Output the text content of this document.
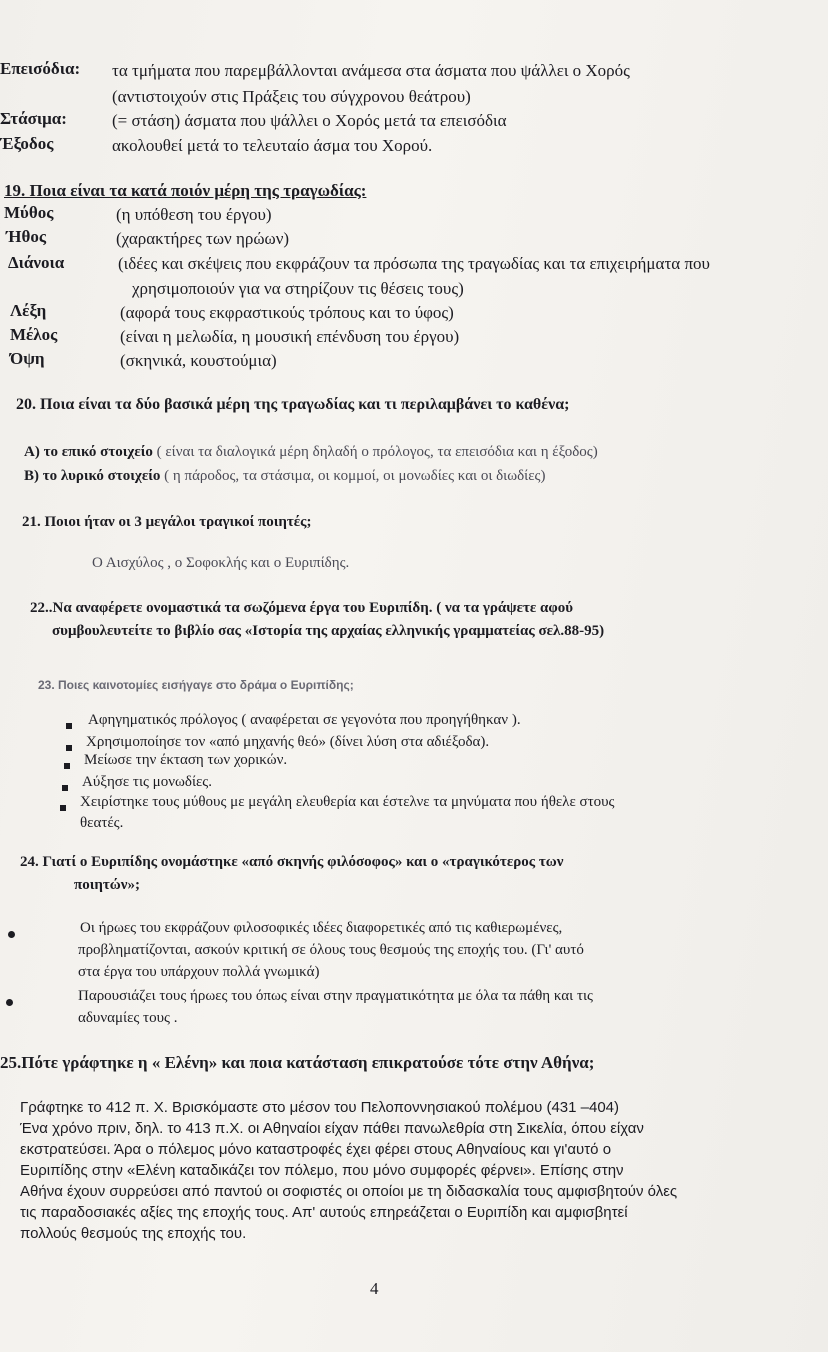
Επεισόδια: τα τμήματα που παρεμβάλλονται ανάμεσα στα άσματα που ψάλλει ο Χορός
(αντιστοιχούν στις Πράξεις του σύγχρονου θεάτρου)
Στάσιμα:	(= στάση) άσματα που ψάλλει ο Χορός μετά τα επεισόδια
Έξοδος	ακολουθεί μετά το τελευταίο άσμα του Χορού.
19. Ποια είναι τα κατά ποιόν μέρη της τραγωδίας:
Μύθος	(η υπόθεση του έργου)
Ήθος	(χαρακτήρες των ηρώων)
Διάνοια	(ιδέες και σκέψεις που εκφράζουν τα πρόσωπα της τραγωδίας και τα επιχειρήματα που
χρησιμοποιούν για να στηρίζουν τις θέσεις τους)
Λέξη	(αφορά τους εκφραστικούς τρόπους και το ύφος)
Μέλος	(είναι η μελωδία, η μουσική επένδυση του έργου)
Όψη	(σκηνικά, κουστούμια)
20. Ποια είναι τα δύο βασικά μέρη της τραγωδίας και τι περιλαμβάνει το καθένα;
Α) το επικό στοιχείο ( είναι τα διαλογικά μέρη δηλαδή ο πρόλογος, τα επεισόδια και η έξοδος)
Β) το λυρικό στοιχείο ( η πάροδος, τα στάσιμα, οι κομμοί, οι μονωδίες και οι διωδίες)
21. Ποιοι ήταν οι 3 μεγάλοι τραγικοί ποιητές;
Ο Αισχύλος , ο Σοφοκλής και ο Ευριπίδης.
22..Να αναφέρετε ονομαστικά τα σωζόμενα έργα του Ευριπίδη. ( να τα γράψετε αφού
συμβουλευτείτε το βιβλίο σας «Ιστορία της αρχαίας ελληνικής γραμματείας σελ.88-95)
23. Ποιες καινοτομίες εισήγαγε στο δράμα ο Ευριπίδης;
Αφηγηματικός πρόλογος ( αναφέρεται σε γεγονότα που προηγήθηκαν ).
Χρησιμοποίησε τον «από μηχανής θεό» (δίνει λύση στα αδιέξοδα).
Μείωσε την έκταση των χορικών.
Αύξησε τις μονωδίες.
Χειρίστηκε τους μύθους με μεγάλη ελευθερία και έστελνε τα μηνύματα που ήθελε στους
θεατές.
24. Γιατί ο Ευριπίδης ονομάστηκε «από σκηνής φιλόσοφος» και ο «τραγικότερος των
ποιητών»;
Οι ήρωες του εκφράζουν φιλοσοφικές ιδέες διαφορετικές από τις καθιερωμένες,
προβληματίζονται, ασκούν κριτική σε όλους τους θεσμούς της εποχής του. (Γι' αυτό
στα έργα του υπάρχουν πολλά γνωμικά)
Παρουσιάζει τους ήρωες του όπως είναι στην πραγματικότητα με όλα τα πάθη και τις
αδυναμίες τους .
25.Πότε γράφτηκε η « Ελένη» και ποια κατάσταση επικρατούσε τότε στην Αθήνα;
Γράφτηκε το 412 π. Χ. Βρισκόμαστε στο μέσον του Πελοποννησιακού πολέμου (431 –404)
Ένα χρόνο πριν, δηλ. το 413 π.Χ. οι Αθηναίοι είχαν πάθει πανωλεθρία στη Σικελία, όπου είχαν
εκστρατεύσει. Άρα ο πόλεμος μόνο καταστροφές έχει φέρει στους Αθηναίους και γι'αυτό ο
Ευριπίδης στην «Ελένη καταδικάζει τον πόλεμο, που μόνο συμφορές φέρνει». Επίσης στην
Αθήνα έχουν συρρεύσει από παντού οι σοφιστές οι οποίοι με τη διδασκαλία τους αμφισβητούν όλες
τις παραδοσιακές αξίες της εποχής τους. Απ' αυτούς επηρεάζεται ο Ευριπίδη και αμφισβητεί
πολλούς θεσμούς της εποχής του.
4
